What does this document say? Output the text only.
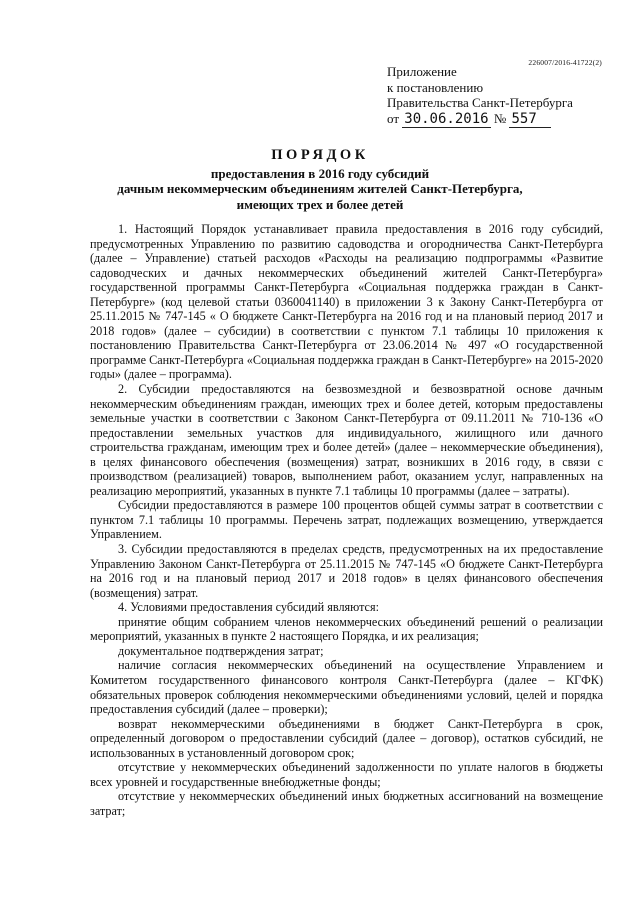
226007/2016-41722(2)
Приложение
к постановлению
Правительства Санкт-Петербурга
от 30.06.2016 № 557
ПОРЯДОК
предоставления в 2016 году субсидий
дачным некоммерческим объединениям жителей Санкт-Петербурга,
имеющих трех и более детей

1. Настоящий Порядок устанавливает правила предоставления в 2016 году субсидий, предусмотренных Управлению по развитию садоводства и огородничества Санкт-Петербурга (далее – Управление) статьей расходов «Расходы на реализацию подпрограммы «Развитие садоводческих и дачных некоммерческих объединений жителей Санкт-Петербурга» государственной программы Санкт-Петербурга «Социальная поддержка граждан в Санкт-Петербурге» (код целевой статьи 0360041140) в приложении 3 к Закону Санкт-Петербурга от 25.11.2015 № 747-145 « О бюджете Санкт-Петербурга на 2016 год и на плановый период 2017 и 2018 годов» (далее – субсидии) в соответствии с пунктом 7.1 таблицы 10 приложения к постановлению Правительства Санкт-Петербурга от 23.06.2014 № 497 «О государственной программе Санкт-Петербурга «Социальная поддержка граждан в Санкт-Петербурге» на 2015-2020 годы» (далее – программа).

2. Субсидии предоставляются на безвозмездной и безвозвратной основе дачным некоммерческим объединениям граждан, имеющих трех и более детей, которым предоставлены земельные участки в соответствии с Законом Санкт-Петербурга от 09.11.2011 № 710-136 «О предоставлении земельных участков для индивидуального, жилищного или дачного строительства гражданам, имеющим трех и более детей» (далее – некоммерческие объединения), в целях финансового обеспечения (возмещения) затрат, возникших в 2016 году, в связи с производством (реализацией) товаров, выполнением работ, оказанием услуг, направленных на реализацию мероприятий, указанных в пункте 7.1 таблицы 10 программы (далее – затраты).

Субсидии предоставляются в размере 100 процентов общей суммы затрат в соответствии с пунктом 7.1 таблицы 10 программы. Перечень затрат, подлежащих возмещению, утверждается Управлением.

3. Субсидии предоставляются в пределах средств, предусмотренных на их предоставление Управлению Законом Санкт-Петербурга от 25.11.2015 № 747-145 «О бюджете Санкт-Петербурга на 2016 год и на плановый период 2017 и 2018 годов» в целях финансового обеспечения (возмещения) затрат.

4. Условиями предоставления субсидий являются:

принятие общим собранием членов некоммерческих объединений решений о реализации мероприятий, указанных в пункте 2 настоящего Порядка, и их реализация;

документальное подтверждения затрат;

наличие согласия некоммерческих объединений на осуществление Управлением и Комитетом государственного финансового контроля Санкт-Петербурга (далее – КГФК) обязательных проверок соблюдения некоммерческими объединениями условий, целей и порядка предоставления субсидий (далее – проверки);

возврат некоммерческими объединениями в бюджет Санкт-Петербурга в срок, определенный договором о предоставлении субсидий (далее – договор), остатков субсидий, не использованных в установленный договором срок;

отсутствие у некоммерческих объединений задолженности по уплате налогов в бюджеты всех уровней и государственные внебюджетные фонды;

отсутствие у некоммерческих объединений иных бюджетных ассигнований на возмещение затрат;
